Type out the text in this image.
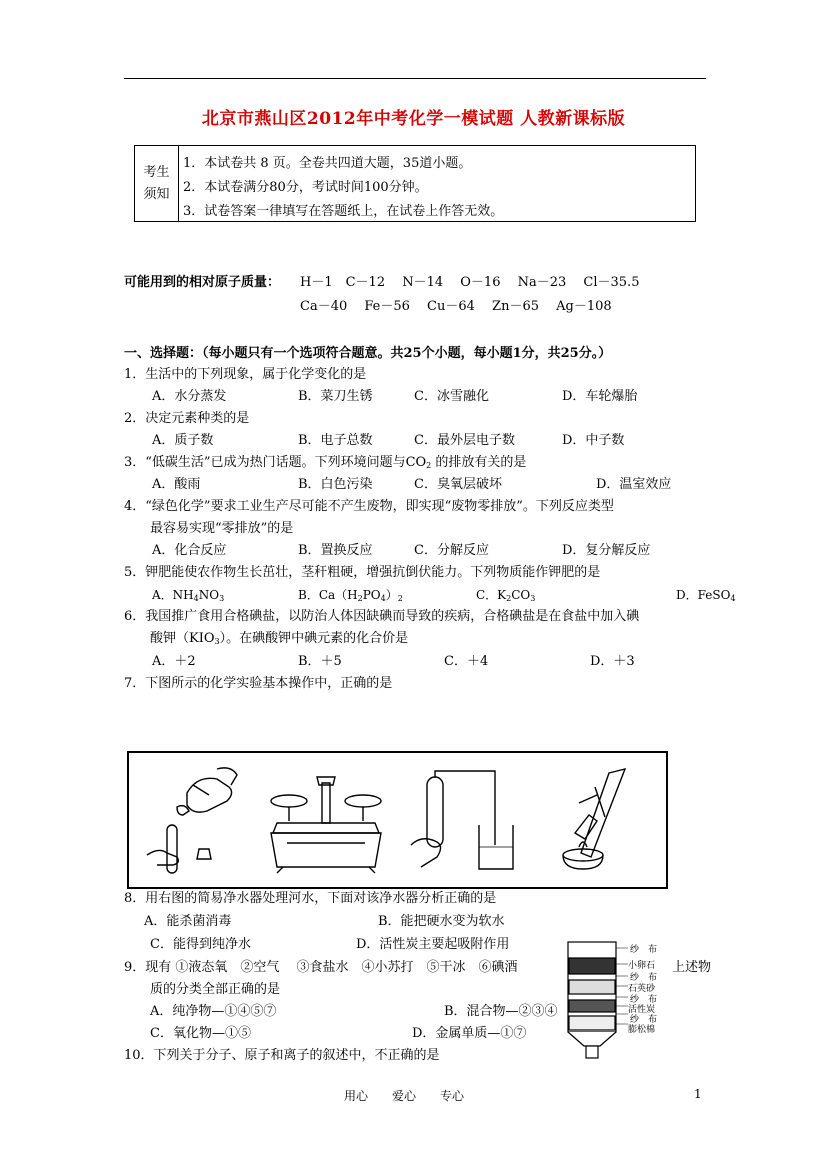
北京市燕山区2012年中考化学一模试题 人教新课标版
考生
须知
1．本试卷共 8 页。全卷共四道大题，35道小题。
2．本试卷满分80分，考试时间100分钟。
3．试卷答案一律填写在答题纸上，在试卷上作答无效。
可能用到的相对原子质量： H－1　C－12　 N－14　 O－16　 Na－23　 Cl－35.5
Ca－40　 Fe－56　 Cu－64　 Zn－65　 Ag－108
一、选择题：（每小题只有一个选项符合题意。共25个小题，每小题1分，共25分。）
1．生活中的下列现象，属于化学变化的是
A．水分蒸发	B．菜刀生锈	C．冰雪融化	D．车轮爆胎
2．决定元素种类的是
A．质子数	B．电子总数	C．最外层电子数	D．中子数
3．“低碳生活”已成为热门话题。下列环境问题与$CO_2$ 的排放有关的是
A．酸雨	B．白色污染	C．臭氧层破坏	D．温室效应
4．“绿色化学”要求工业生产尽可能不产生废物，即实现“废物零排放”。下列反应类型
最容易实现“零排放”的是
A．化合反应	B．置换反应	C．分解反应	D．复分解反应
5．钾肥能使农作物生长茁壮，茎秆粗硬，增强抗倒伏能力。下列物质能作钾肥的是
A．$NH_4NO_3$	B．$Ca(H_2PO_4)_2$	C．$K_2CO_3$	D．FeSO$_4$
6．我国推广食用合格碘盐，以防治人体因缺碘而导致的疾病，合格碘盐是在食盐中加入碘
酸钾$(KIO_3)$。在碘酸钾中碘元素的化合价是
A．＋2	B．＋5	C．＋4	D．＋3
7．下图所示的化学实验基本操作中，正确的是
8．用右图的简易净水器处理河水，下面对该净水器分析正确的是
A．能杀菌消毒	B．能把硬水变为软水
C．能得到纯净水	D．活性炭主要起吸附作用
9．现有 ①液态氧　②空气　 ③食盐水　④小苏打　⑤干冰　⑥碘酒	上述物
质的分类全部正确的是
A．纯净物—①④⑤⑦	B．混合物—②③④
C．氧化物—①⑤	D．金属单质—①⑦
10．下列关于分子、原子和离子的叙述中，不正确的是
纱　布
小卵石
纱　布
石英砂
纱　布
活性炭
纱　布
膨松棉
用心　　爱心　　专心	1
